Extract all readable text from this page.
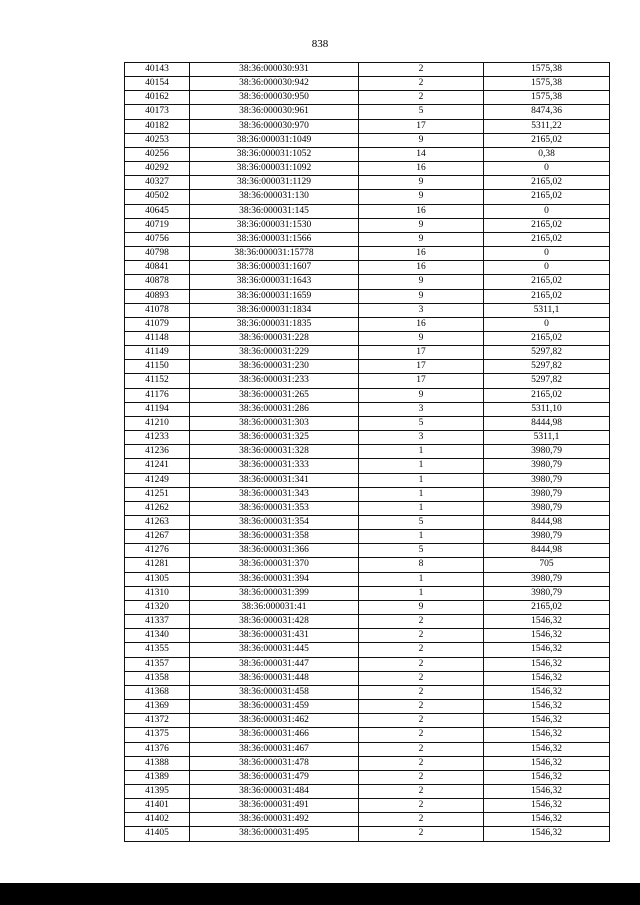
838
40143	38:36:000030:931	2	1575,38
40154	38:36:000030:942	2	1575,38
40162	38:36:000030:950	2	1575,38
40173	38:36:000030:961	5	8474,36
40182	38:36:000030:970	17	5311,22
40253	38:36:000031:1049	9	2165,02
40256	38:36:000031:1052	14	0,38
40292	38:36:000031:1092	16	0
40327	38:36:000031:1129	9	2165,02
40502	38:36:000031:130	9	2165,02
40645	38:36:000031:145	16	0
40719	38:36:000031:1530	9	2165,02
40756	38:36:000031:1566	9	2165,02
40798	38:36:000031:15778	16	0
40841	38:36:000031:1607	16	0
40878	38:36:000031:1643	9	2165,02
40893	38:36:000031:1659	9	2165,02
41078	38:36:000031:1834	3	5311,1
41079	38:36:000031:1835	16	0
41148	38:36:000031:228	9	2165,02
41149	38:36:000031:229	17	5297,82
41150	38:36:000031:230	17	5297,82
41152	38:36:000031:233	17	5297,82
41176	38:36:000031:265	9	2165,02
41194	38:36:000031:286	3	5311,10
41210	38:36:000031:303	5	8444,98
41233	38:36:000031:325	3	5311,1
41236	38:36:000031:328	1	3980,79
41241	38:36:000031:333	1	3980,79
41249	38:36:000031:341	1	3980,79
41251	38:36:000031:343	1	3980,79
41262	38:36:000031:353	1	3980,79
41263	38:36:000031:354	5	8444,98
41267	38:36:000031:358	1	3980,79
41276	38:36:000031:366	5	8444,98
41281	38:36:000031:370	8	705
41305	38:36:000031:394	1	3980,79
41310	38:36:000031:399	1	3980,79
41320	38:36:000031:41	9	2165,02
41337	38:36:000031:428	2	1546,32
41340	38:36:000031:431	2	1546,32
41355	38:36:000031:445	2	1546,32
41357	38:36:000031:447	2	1546,32
41358	38:36:000031:448	2	1546,32
41368	38:36:000031:458	2	1546,32
41369	38:36:000031:459	2	1546,32
41372	38:36:000031:462	2	1546,32
41375	38:36:000031:466	2	1546,32
41376	38:36:000031:467	2	1546,32
41388	38:36:000031:478	2	1546,32
41389	38:36:000031:479	2	1546,32
41395	38:36:000031:484	2	1546,32
41401	38:36:000031:491	2	1546,32
41402	38:36:000031:492	2	1546,32
41405	38:36:000031:495	2	1546,32
